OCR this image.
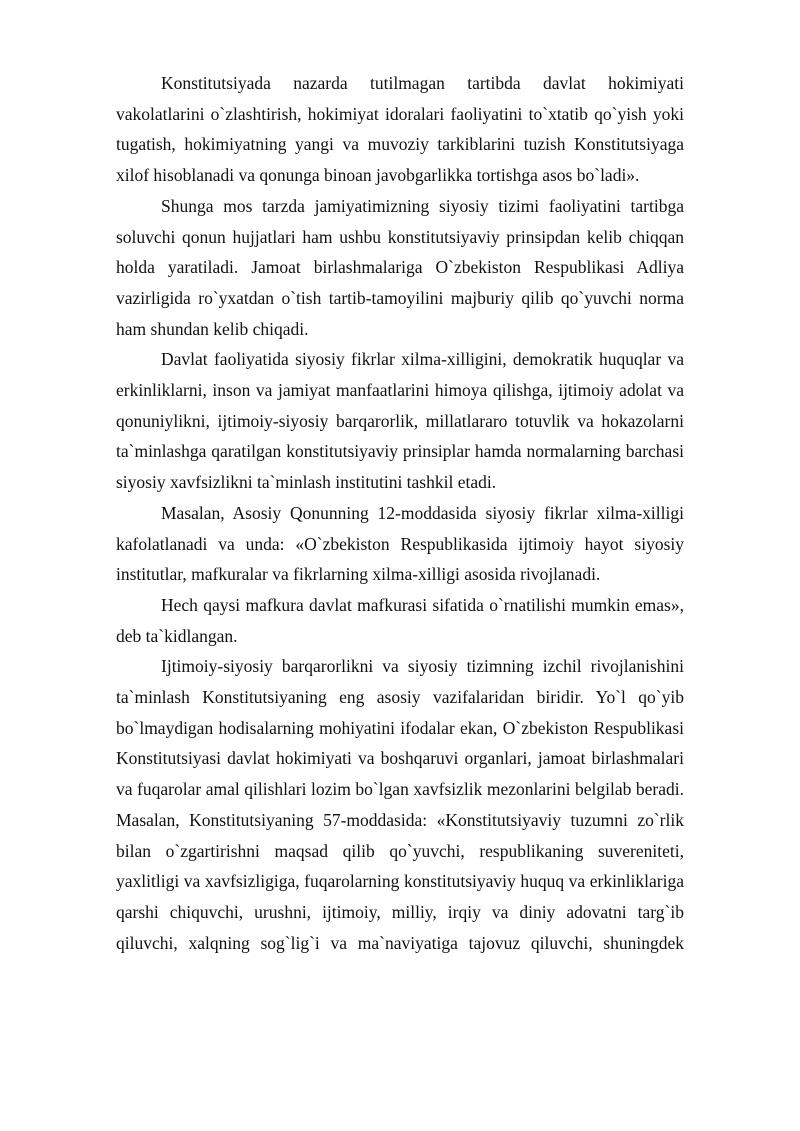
Konstitutsiyada nazarda tutilmagan tartibda davlat hokimiyati vakolatlarini o`zlashtirish, hokimiyat idoralari faoliyatini to`xtatib qo`yish yoki tugatish, hokimiyatning yangi va muvoziy tarkiblarini tuzish Konstitutsiyaga xilof hisoblanadi va qonunga binoan javobgarlikka tortishga asos bo`ladi».

Shunga mos tarzda jamiyatimizning siyosiy tizimi faoliyatini tartibga soluvchi qonun hujjatlari ham ushbu konstitutsiyaviy prinsipdan kelib chiqqan holda yaratiladi. Jamoat birlashmalariga O`zbekiston Respublikasi Adliya vazirligida ro`yxatdan o`tish tartib-tamoyilini majburiy qilib qo`yuvchi norma ham shundan kelib chiqadi.

Davlat faoliyatida siyosiy fikrlar xilma-xilligini, demokratik huquqlar va erkinliklarni, inson va jamiyat manfaatlarini himoya qilishga, ijtimoiy adolat va qonuniylikni, ijtimoiy-siyosiy barqarorlik, millatlararo totuvlik va hokazolarni ta`minlashga qaratilgan konstitutsiyaviy prinsiplar hamda normalarning barchasi siyosiy xavfsizlikni ta`minlash institutini tashkil etadi.

Masalan, Asosiy Qonunning 12-moddasida siyosiy fikrlar xilma-xilligi kafolatlanadi va unda: «O`zbekiston Respublikasida ijtimoiy hayot siyosiy institutlar, mafkuralar va fikrlarning xilma-xilligi asosida rivojlanadi.

Hech qaysi mafkura davlat mafkurasi sifatida o`rnatilishi mumkin emas», deb ta`kidlangan.

Ijtimoiy-siyosiy barqarorlikni va siyosiy tizimning izchil rivojlanishini ta`minlash Konstitutsiyaning eng asosiy vazifalaridan biridir. Yo`l qo`yib bo`lmaydigan hodisalarning mohiyatini ifodalar ekan, O`zbekiston Respublikasi Konstitutsiyasi davlat hokimiyati va boshqaruvi organlari, jamoat birlashmalari va fuqarolar amal qilishlari lozim bo`lgan xavfsizlik mezonlarini belgilab beradi. Masalan, Konstitutsiyaning 57-moddasida: «Konstitutsiyaviy tuzumni zo`rlik bilan o`zgartirishni maqsad qilib qo`yuvchi, respublikaning suvereniteti, yaxlitligi va xavfsizligiga, fuqarolarning konstitutsiyaviy huquq va erkinliklariga qarshi chiquvchi, urushni, ijtimoiy, milliy, irqiy va diniy adovatni targ`ib qiluvchi, xalqning sog`lig`i va ma`naviyatiga tajovuz qiluvchi, shuningdek
